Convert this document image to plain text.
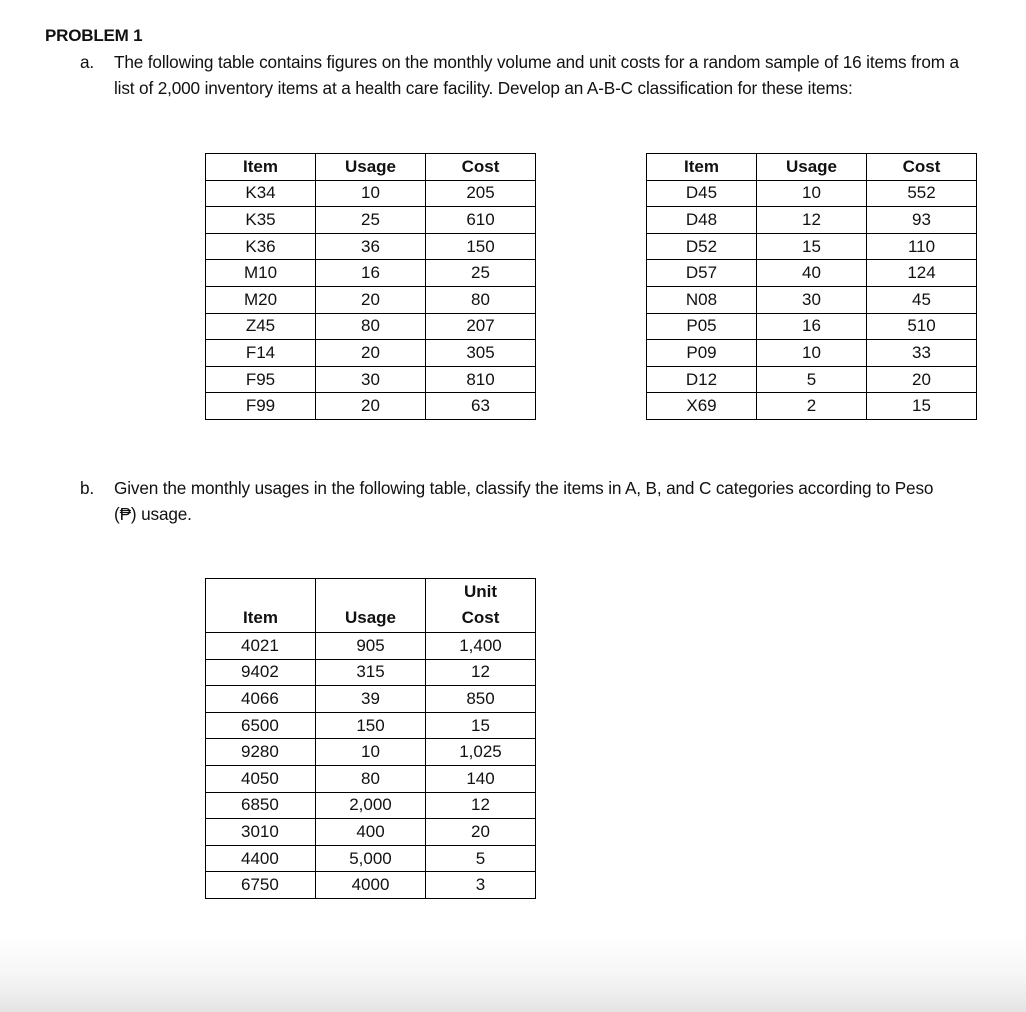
PROBLEM 1
a. The following table contains figures on the monthly volume and unit costs for a random sample of 16 items from a list of 2,000 inventory items at a health care facility. Develop an A-B-C classification for these items:
Item	Usage	Cost
K34	10	205
K35	25	610
K36	36	150
M10	16	25
M20	20	80
Z45	80	207
F14	20	305
F95	30	810
F99	20	63
Item	Usage	Cost
D45	10	552
D48	12	93
D52	15	110
D57	40	124
N08	30	45
P05	16	510
P09	10	33
D12	5	20
X69	2	15
b. Given the monthly usages in the following table, classify the items in A, B, and C categories according to Peso (₱) usage.
Item	Usage	Unit
Cost
4021	905	1,400
9402	315	12
4066	39	850
6500	150	15
9280	10	1,025
4050	80	140
6850	2,000	12
3010	400	20
4400	5,000	5
6750	4000	3
